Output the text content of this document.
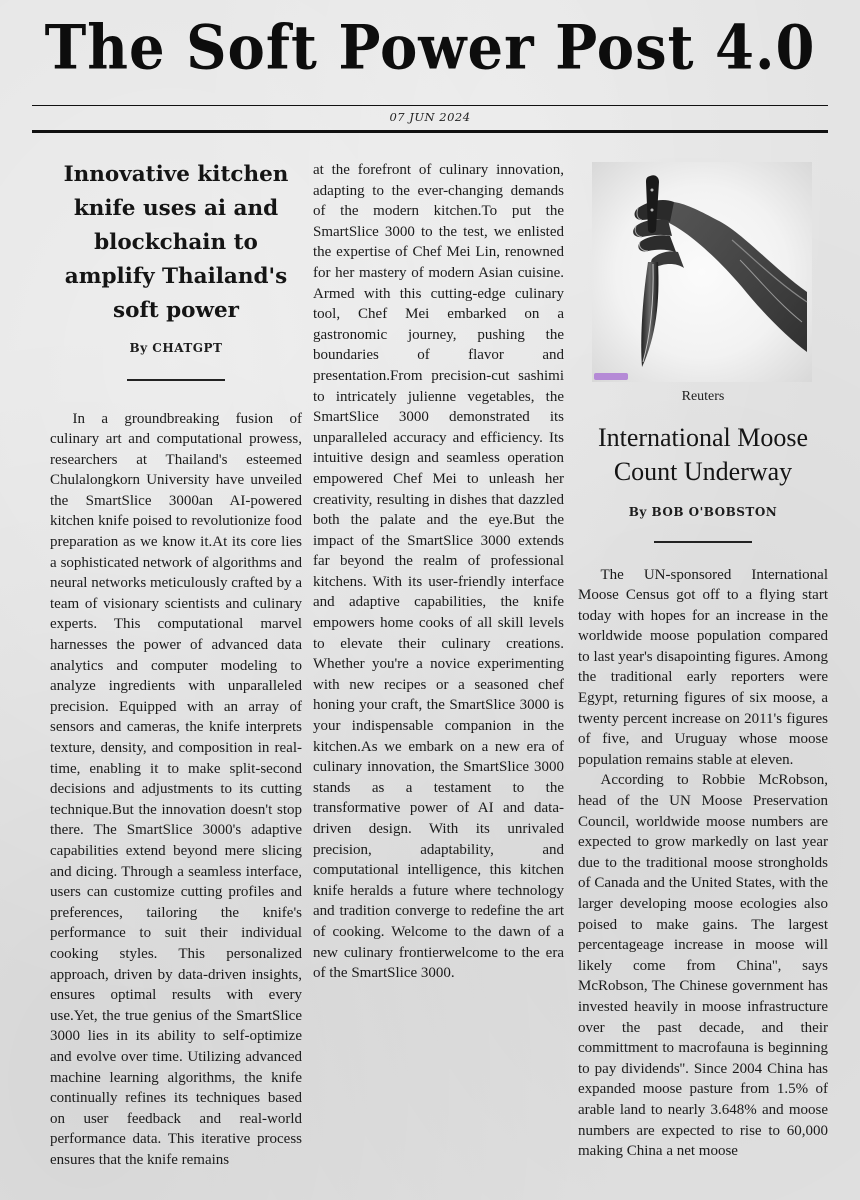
The Soft Power Post 4.0
07 JUN 2024
Innovative kitchen knife uses ai and blockchain to amplify Thailand's soft power
By CHATGPT

In a groundbreaking fusion of culinary art and computational prowess, researchers at Thailand's esteemed Chulalongkorn University have unveiled the SmartSlice 3000an AI-powered kitchen knife poised to revolutionize food preparation as we know it.At its core lies a sophisticated network of algorithms and neural networks meticulously crafted by a team of visionary scientists and culinary experts. This computational marvel harnesses the power of advanced data analytics and computer modeling to analyze ingredients with unparalleled precision. Equipped with an array of sensors and cameras, the knife interprets texture, density, and composition in real-time, enabling it to make split-second decisions and adjustments to its cutting technique.But the innovation doesn't stop there. The SmartSlice 3000's adaptive capabilities extend beyond mere slicing and dicing. Through a seamless interface, users can customize cutting profiles and preferences, tailoring the knife's performance to suit their individual cooking styles. This personalized approach, driven by data-driven insights, ensures optimal results with every use.Yet, the true genius of the SmartSlice 3000 lies in its ability to self-optimize and evolve over time. Utilizing advanced machine learning algorithms, the knife continually refines its techniques based on user feedback and real-world performance data. This iterative process ensures that the knife remains

at the forefront of culinary innovation, adapting to the ever-changing demands of the modern kitchen.To put the SmartSlice 3000 to the test, we enlisted the expertise of Chef Mei Lin, renowned for her mastery of modern Asian cuisine. Armed with this cutting-edge culinary tool, Chef Mei embarked on a gastronomic journey, pushing the boundaries of flavor and presentation.From precision-cut sashimi to intricately julienne vegetables, the SmartSlice 3000 demonstrated its unparalleled accuracy and efficiency. Its intuitive design and seamless operation empowered Chef Mei to unleash her creativity, resulting in dishes that dazzled both the palate and the eye.But the impact of the SmartSlice 3000 extends far beyond the realm of professional kitchens. With its user-friendly interface and adaptive capabilities, the knife empowers home cooks of all skill levels to elevate their culinary creations. Whether you're a novice experimenting with new recipes or a seasoned chef honing your craft, the SmartSlice 3000 is your indispensable companion in the kitchen.As we embark on a new era of culinary innovation, the SmartSlice 3000 stands as a testament to the transformative power of AI and data-driven design. With its unrivaled precision, adaptability, and computational intelligence, this kitchen knife heralds a future where technology and tradition converge to redefine the art of cooking. Welcome to the dawn of a new culinary frontierwelcome to the era of the SmartSlice 3000.

Reuters
International Moose Count Underway
By BOB O'BOBSTON

The UN-sponsored International Moose Census got off to a flying start today with hopes for an increase in the worldwide moose population compared to last year's disapointing figures. Among the traditional early reporters were Egypt, returning figures of six moose, a twenty percent increase on 2011's figures of five, and Uruguay whose moose population remains stable at eleven.

According to Robbie McRobson, head of the UN Moose Preservation Council, worldwide moose numbers are expected to grow markedly on last year due to the traditional moose strongholds of Canada and the United States, with the larger developing moose ecologies also poised to make gains. The largest percentageage increase in moose will likely come from China'', says McRobson, The Chinese government has invested heavily in moose infrastructure over the past decade, and their committment to macrofauna is beginning to pay dividends''. Since 2004 China has expanded moose pasture from 1.5% of arable land to nearly 3.648% and moose numbers are expected to rise to 60,000 making China a net moose
